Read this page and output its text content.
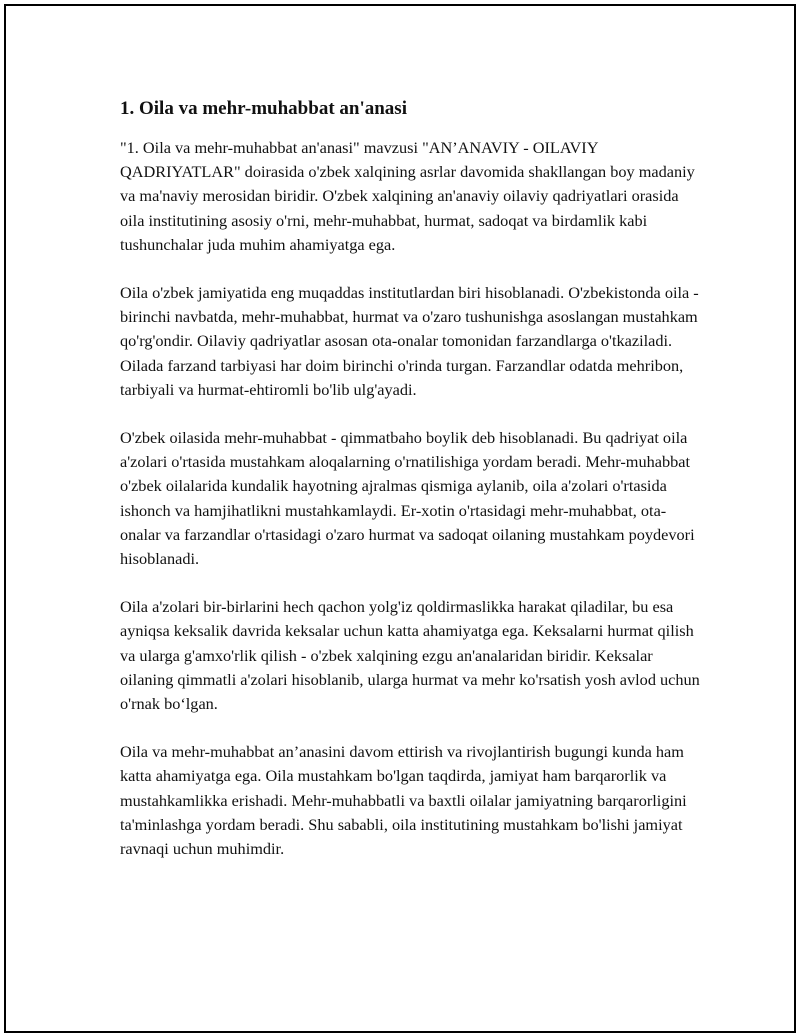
1. Oila va mehr-muhabbat an'anasi

"1. Oila va mehr-muhabbat an'anasi" mavzusi "AN’ANAVIY - OILAVIY QADRIYATLAR" doirasida o'zbek xalqining asrlar davomida shakllangan boy madaniy va ma'naviy merosidan biridir. O'zbek xalqining an'anaviy oilaviy qadriyatlari orasida oila institutining asosiy o'rni, mehr-muhabbat, hurmat, sadoqat va birdamlik kabi tushunchalar juda muhim ahamiyatga ega.

Oila o'zbek jamiyatida eng muqaddas institutlardan biri hisoblanadi. O'zbekistonda oila - birinchi navbatda, mehr-muhabbat, hurmat va o'zaro tushunishga asoslangan mustahkam qo'rg'ondir. Oilaviy qadriyatlar asosan ota-onalar tomonidan farzandlarga o'tkaziladi. Oilada farzand tarbiyasi har doim birinchi o'rinda turgan. Farzandlar odatda mehribon, tarbiyali va hurmat-ehtiromli bo'lib ulg'ayadi.

O'zbek oilasida mehr-muhabbat - qimmatbaho boylik deb hisoblanadi. Bu qadriyat oila a'zolari o'rtasida mustahkam aloqalarning o'rnatilishiga yordam beradi. Mehr-muhabbat o'zbek oilalarida kundalik hayotning ajralmas qismiga aylanib, oila a'zolari o'rtasida ishonch va hamjihatlikni mustahkamlaydi. Er-xotin o'rtasidagi mehr-muhabbat, ota-onalar va farzandlar o'rtasidagi o'zaro hurmat va sadoqat oilaning mustahkam poydevori hisoblanadi.

Oila a'zolari bir-birlarini hech qachon yolg'iz qoldirmaslikka harakat qiladilar, bu esa ayniqsa keksalik davrida keksalar uchun katta ahamiyatga ega. Keksalarni hurmat qilish va ularga g'amxo'rlik qilish - o'zbek xalqining ezgu an'analaridan biridir. Keksalar oilaning qimmatli a'zolari hisoblanib, ularga hurmat va mehr ko'rsatish yosh avlod uchun o'rnak bo‘lgan.

Oila va mehr-muhabbat an’anasini davom ettirish va rivojlantirish bugungi kunda ham katta ahamiyatga ega. Oila mustahkam bo'lgan taqdirda, jamiyat ham barqarorlik va mustahkamlikka erishadi. Mehr-muhabbatli va baxtli oilalar jamiyatning barqarorligini ta'minlashga yordam beradi. Shu sababli, oila institutining mustahkam bo'lishi jamiyat ravnaqi uchun muhimdir.
